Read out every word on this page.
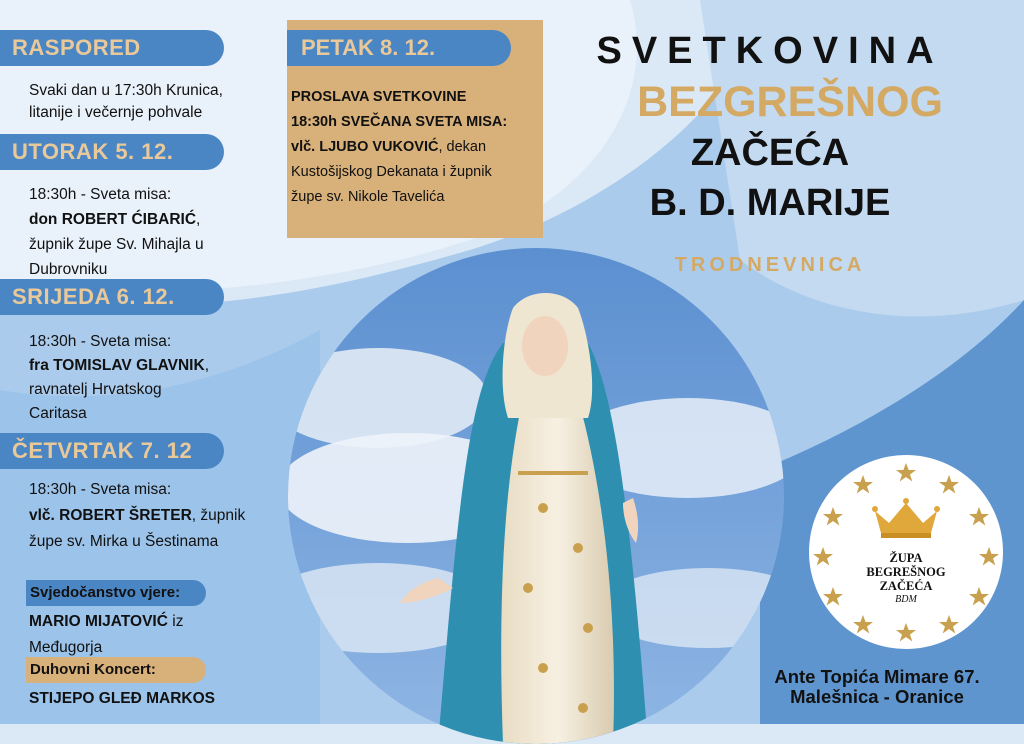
RASPORED
Svaki dan u 17:30h Krunica,
litanije i večernje pohvale
UTORAK 5. 12.
18:30h - Sveta misa:
don ROBERT ĆIBARIĆ,
župnik župe Sv. Mihajla u
Dubrovniku
SRIJEDA 6. 12.
18:30h - Sveta misa:
fra TOMISLAV GLAVNIK,
ravnatelj Hrvatskog
Caritasa
ČETVRTAK 7. 12
18:30h - Sveta misa:
vlč. ROBERT ŠRETER, župnik
župe sv. Mirka u Šestinama
Svjedočanstvo vjere:
MARIO MIJATOVIĆ iz
Međugorja
Duhovni Koncert:
STIJEPO GLEĐ MARKOS
PETAK 8. 12.
PROSLAVA SVETKOVINE
18:30h SVEČANA SVETA MISA:
vlč. LJUBO VUKOVIĆ, dekan
Kustošijskog Dekanata i župnik
župe sv. Nikole Tavelića
SVETKOVINA
BEZGREŠNOG
ZAČEĆA
B. D. MARIJE
TRODNEVNICA
ŽUPA
BEGREŠNOG
ZAČEĆA
BDM
Ante Topića Mimare 67.
Malešnica - Oranice
